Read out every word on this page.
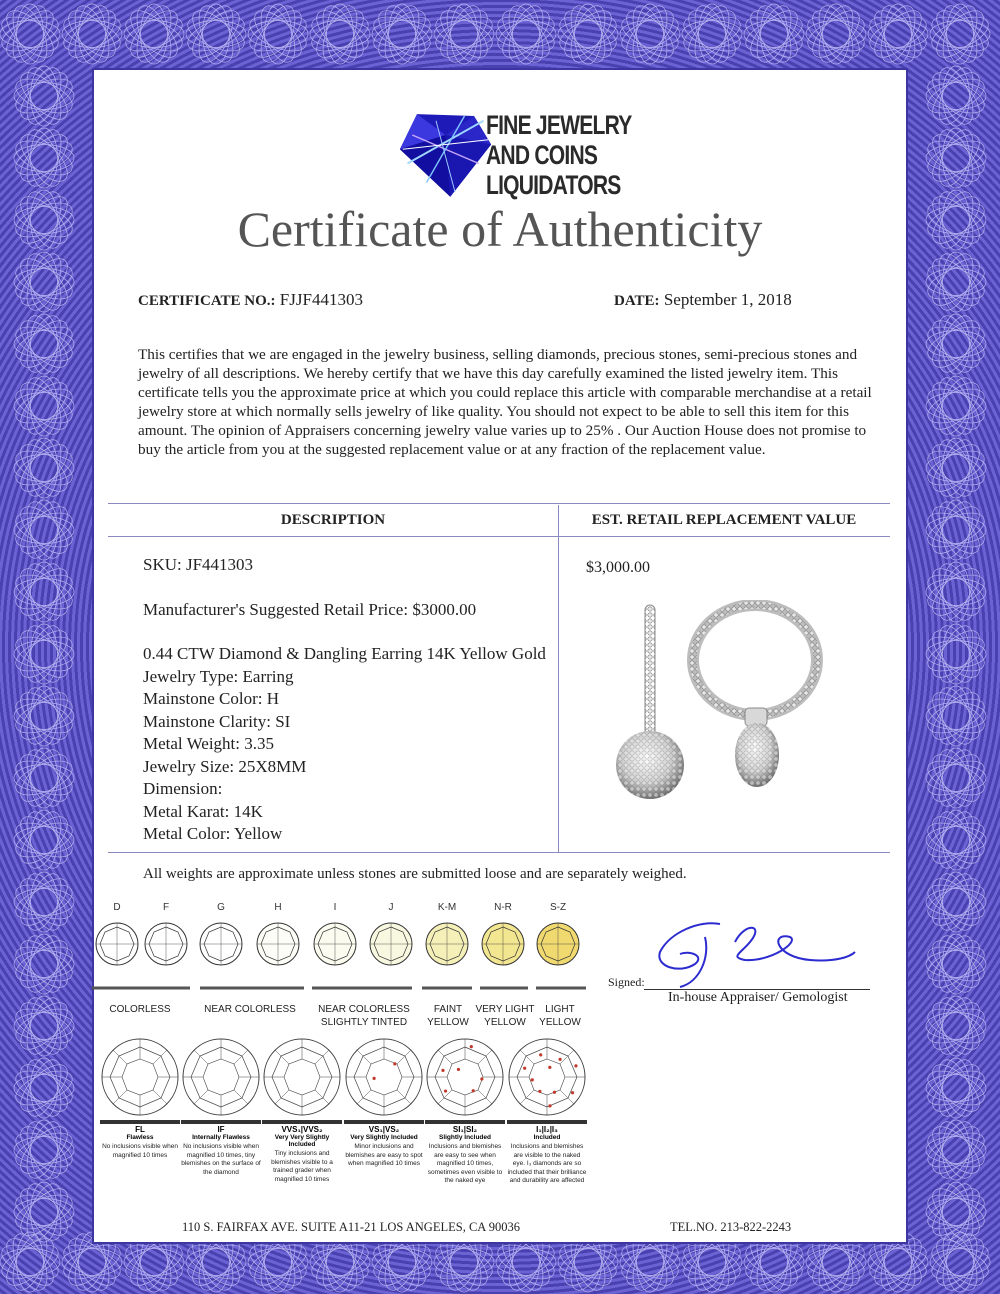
FINE JEWELRY
AND COINS
LIQUIDATORS
Certificate of Authenticity
CERTIFICATE NO.: FJJF441303	DATE: September 1, 2018
This certifies that we are engaged in the jewelry business, selling diamonds, precious stones, semi-precious stones and jewelry of all descriptions. We hereby certify that we have this day carefully examined the listed jewelry item. This certificate tells you the approximate price at which you could replace this article with comparable merchandise at a retail jewelry store at which normally sells jewelry of like quality. You should not expect to be able to sell this item for this amount. The opinion of Appraisers concerning jewelry value varies up to 25% . Our Auction House does not promise to buy the article from you at the suggested replacement value or at any fraction of the replacement value.
DESCRIPTION	EST. RETAIL REPLACEMENT VALUE
SKU: JF441303
Manufacturer's Suggested Retail Price: $3000.00
0.44 CTW Diamond & Dangling Earring 14K Yellow Gold
Jewelry Type: Earring
Mainstone Color: H
Mainstone Clarity: SI
Metal Weight: 3.35
Jewelry Size: 25X8MM
Dimension:
Metal Karat: 14K
Metal Color: Yellow
$3,000.00
All weights are approximate unless stones are submitted loose and are separately weighed.
D	F	G	H	I	J	K-M	N-R	S-Z
COLORLESS	NEAR COLORLESS	NEAR COLORLESS
SLIGHTLY TINTED
FAINT
YELLOW
VERY LIGHT
YELLOW
LIGHT
YELLOW
FL
Flawless
No inclusions visible when magnified 10 times
IF
Internally Flawless
No inclusions visible when magnified 10 times, tiny blemishes on the surface of the diamond
VVS₁|VVS₂
Very Very Slightly Included
Tiny inclusions and blemishes visible to a trained grader when magnified 10 times
VS₁|VS₂
Very Slightly Included
Minor inclusions and blemishes are easy to spot when magnified 10 times
SI₁|SI₂
Slightly Included
Inclusions and blemishes are easy to see when magnified 10 times, sometimes even visible to the naked eye
I₁|I₂|I₃
Included
Inclusions and blemishes are visible to the naked eye. I₃ diamonds are so included that their brilliance and durability are affected
Signed:
In-house Appraiser/ Gemologist
110 S. FAIRFAX AVE. SUITE A11-21 LOS ANGELES, CA 90036	TEL.NO. 213-822-2243
